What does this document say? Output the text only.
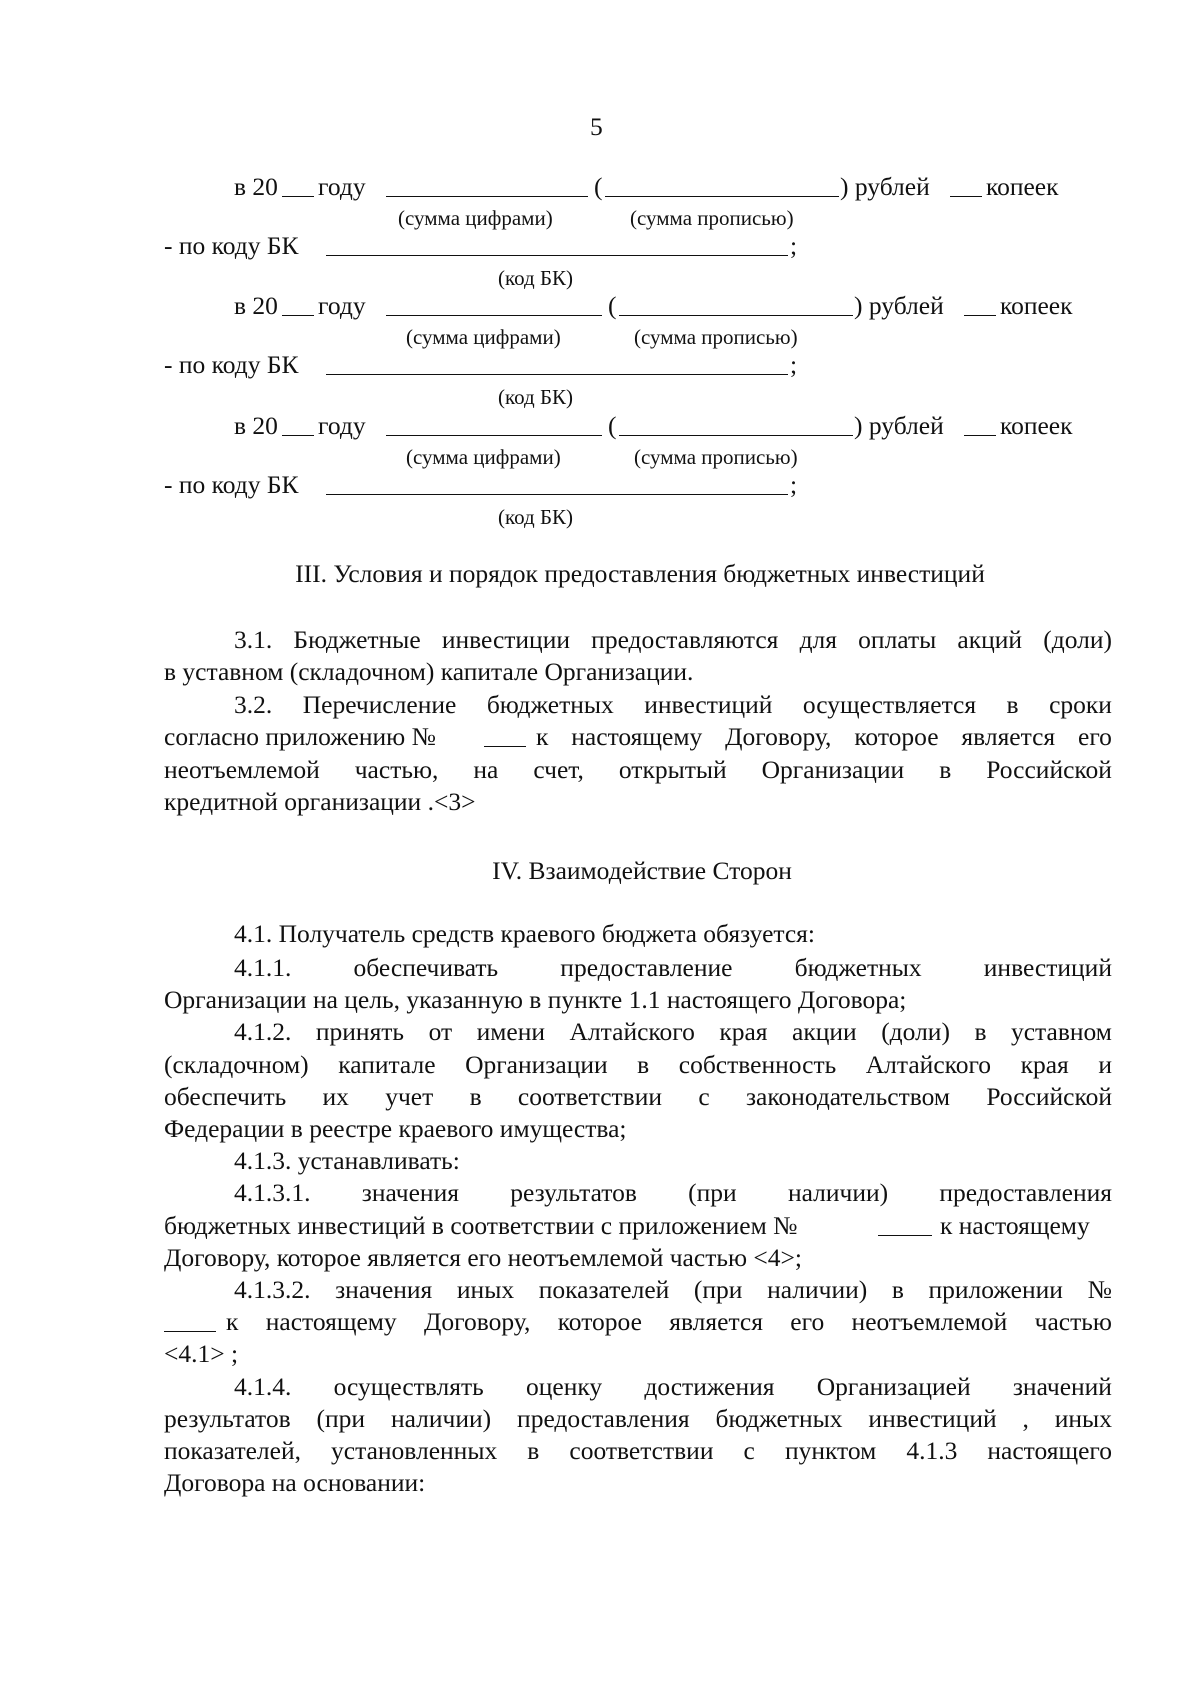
5
в 20 году	(	) рублей копеек
(сумма цифрами)	(сумма прописью)
- по коду БК	;
(код БК)
в 20 году	(	) рублей копеек
(сумма цифрами)	(сумма прописью)
- по коду БК	;
(код БК)
в 20 году	(	) рублей копеек
(сумма цифрами)	(сумма прописью)
- по коду БК	;
(код БК)
III. Условия и порядок предоставления бюджетных инвестиций
3.1. Бюджетные инвестиции предоставляются для оплаты акций (доли)
в уставном (складочном) капитале Организации.
3.2. Перечисление бюджетных инвестиций осуществляется в сроки
согласно приложению №	к настоящему Договору, которое является его
неотъемлемой частью, на счет, открытый Организации в Российской
кредитной организации .<3>
IV. Взаимодействие Сторон
4.1. Получатель средств краевого бюджета обязуется:
4.1.1. обеспечивать предоставление бюджетных инвестиций
Организации на цель, указанную в пункте 1.1 настоящего Договора;
4.1.2. принять от имени Алтайского края акции (доли) в уставном
(складочном) капитале Организации в собственность Алтайского края и
обеспечить их учет в соответствии с законодательством Российской
Федерации в реестре краевого имущества;
4.1.3. устанавливать:
4.1.3.1. значения результатов (при наличии) предоставления
бюджетных инвестиций в соответствии с приложением №	к настоящему
Договору, которое является его неотъемлемой частью <4>;
4.1.3.2. значения иных показателей (при наличии) в приложении №
к настоящему Договору, которое является его неотъемлемой частью
<4.1> ;
4.1.4. осуществлять оценку достижения Организацией значений
результатов (при наличии) предоставления бюджетных инвестиций , иных
показателей, установленных в соответствии с пунктом 4.1.3 настоящего
Договора на основании:
